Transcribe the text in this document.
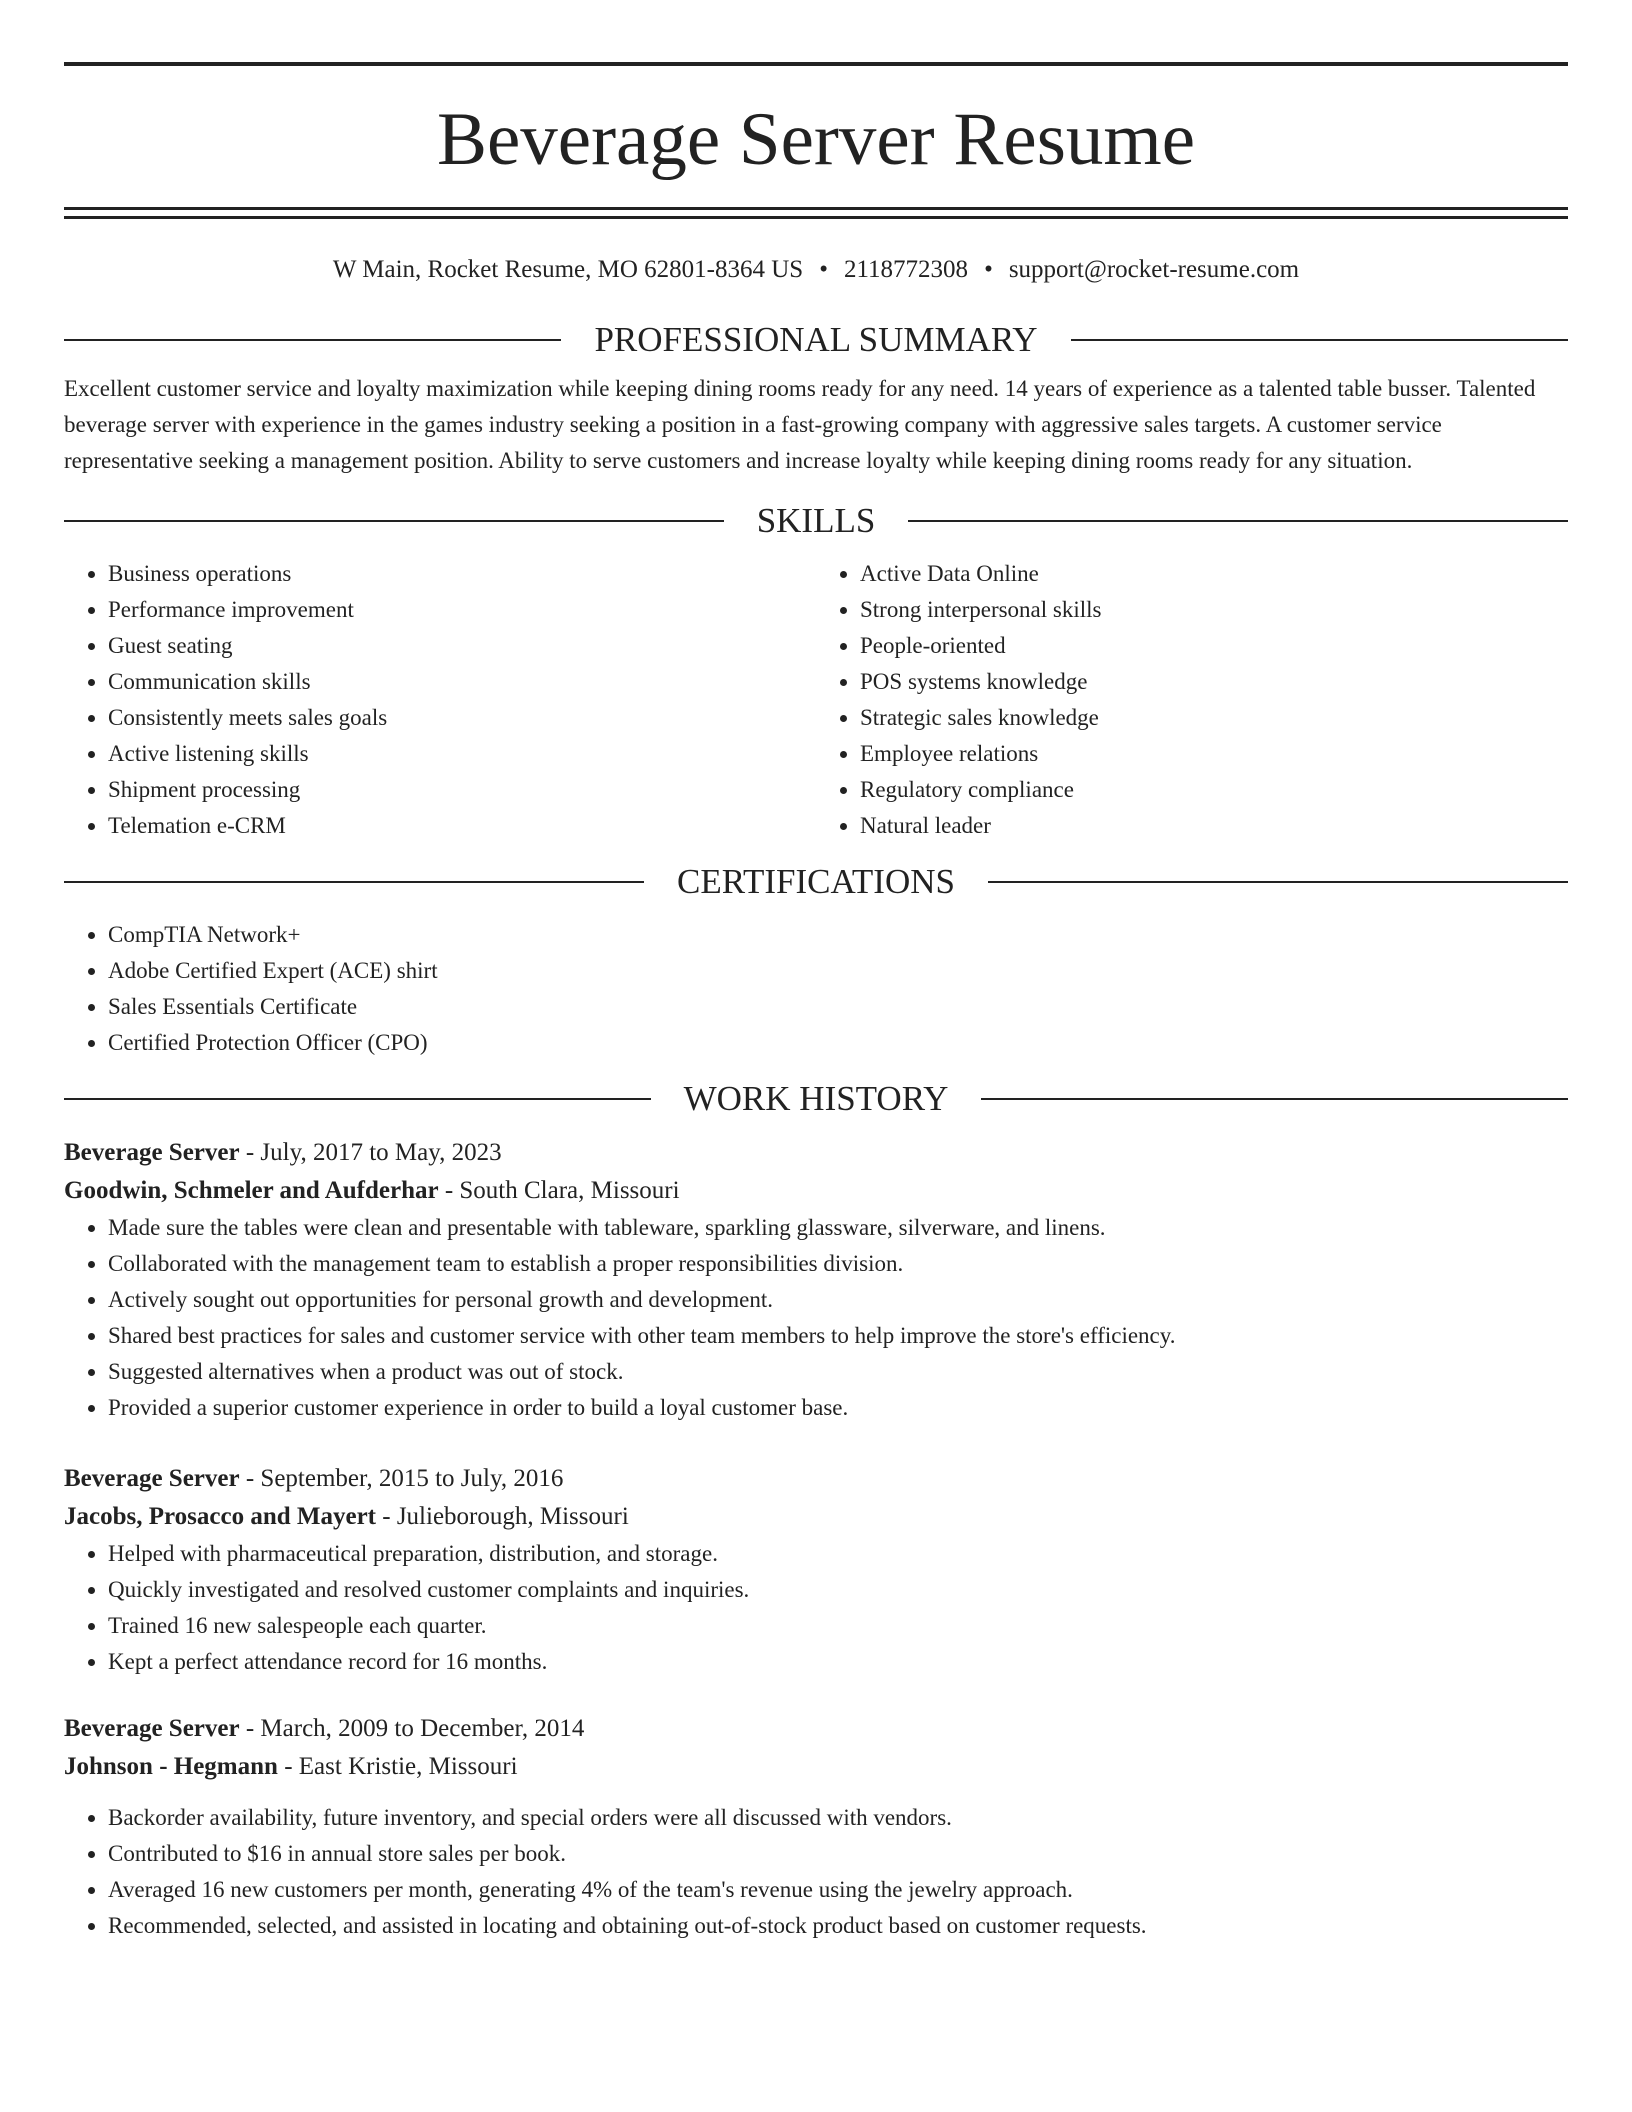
Beverage Server Resume
W Main, Rocket Resume, MO 62801-8364 US • 2118772308 • support@rocket-resume.com
PROFESSIONAL SUMMARY

Excellent customer service and loyalty maximization while keeping dining rooms ready for any need. 14 years of experience as a talented table busser. Talented beverage server with experience in the games industry seeking a position in a fast-growing company with aggressive sales targets. A customer service representative seeking a management position. Ability to serve customers and increase loyalty while keeping dining rooms ready for any situation.

SKILLS
• Business operations
• Performance improvement
• Guest seating
• Communication skills
• Consistently meets sales goals
• Active listening skills
• Shipment processing
• Telemation e-CRM
• Active Data Online
• Strong interpersonal skills
• People-oriented
• POS systems knowledge
• Strategic sales knowledge
• Employee relations
• Regulatory compliance
• Natural leader
CERTIFICATIONS
• CompTIA Network+
• Adobe Certified Expert (ACE) shirt
• Sales Essentials Certificate
• Certified Protection Officer (CPO)
WORK HISTORY

Beverage Server - July, 2017 to May, 2023

Goodwin, Schmeler and Aufderhar - South Clara, Missouri

• Made sure the tables were clean and presentable with tableware, sparkling glassware, silverware, and linens.
• Collaborated with the management team to establish a proper responsibilities division.
• Actively sought out opportunities for personal growth and development.
• Shared best practices for sales and customer service with other team members to help improve the store's efficiency.
• Suggested alternatives when a product was out of stock.
• Provided a superior customer experience in order to build a loyal customer base.

Beverage Server - September, 2015 to July, 2016

Jacobs, Prosacco and Mayert - Julieborough, Missouri

• Helped with pharmaceutical preparation, distribution, and storage.
• Quickly investigated and resolved customer complaints and inquiries.
• Trained 16 new salespeople each quarter.
• Kept a perfect attendance record for 16 months.

Beverage Server - March, 2009 to December, 2014

Johnson - Hegmann - East Kristie, Missouri

• Backorder availability, future inventory, and special orders were all discussed with vendors.
• Contributed to $16 in annual store sales per book.
• Averaged 16 new customers per month, generating 4% of the team's revenue using the jewelry approach.
• Recommended, selected, and assisted in locating and obtaining out-of-stock product based on customer requests.
